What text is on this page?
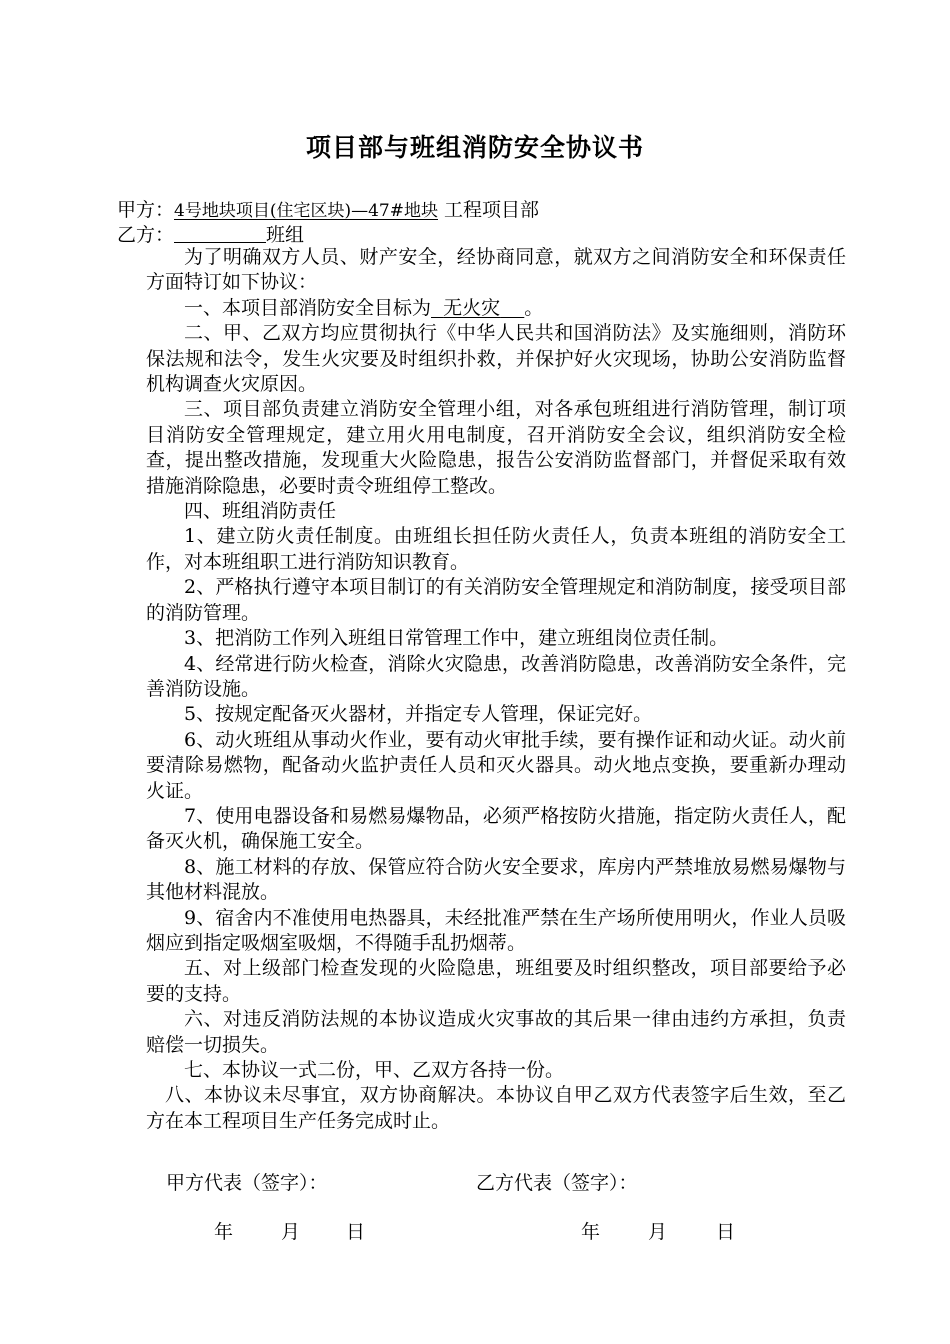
项目部与班组消防安全协议书
甲方：4号地块项目(住宅区块)—47#地块 工程项目部
乙方：	班组

为了明确双方人员、财产安全，经协商同意，就双方之间消防安全和环保责任方面特订如下协议：

一、本项目部消防安全目标为 无火灾 。

二、甲、乙双方均应贯彻执行《中华人民共和国消防法》及实施细则，消防环保法规和法令，发生火灾要及时组织扑救，并保护好火灾现场，协助公安消防监督机构调查火灾原因。

三、项目部负责建立消防安全管理小组，对各承包班组进行消防管理，制订项目消防安全管理规定，建立用火用电制度，召开消防安全会议，组织消防安全检查，提出整改措施，发现重大火险隐患，报告公安消防监督部门，并督促采取有效措施消除隐患，必要时责令班组停工整改。

四、班组消防责任

1、建立防火责任制度。由班组长担任防火责任人，负责本班组的消防安全工作，对本班组职工进行消防知识教育。

2、严格执行遵守本项目制订的有关消防安全管理规定和消防制度，接受项目部的消防管理。

3、把消防工作列入班组日常管理工作中，建立班组岗位责任制。

4、经常进行防火检查，消除火灾隐患，改善消防隐患，改善消防安全条件，完善消防设施。

5、按规定配备灭火器材，并指定专人管理，保证完好。

6、动火班组从事动火作业，要有动火审批手续，要有操作证和动火证。动火前要清除易燃物，配备动火监护责任人员和灭火器具。动火地点变换，要重新办理动火证。

7、使用电器设备和易燃易爆物品，必须严格按防火措施，指定防火责任人，配备灭火机，确保施工安全。

8、施工材料的存放、保管应符合防火安全要求，库房内严禁堆放易燃易爆物与其他材料混放。

9、宿舍内不准使用电热器具，未经批准严禁在生产场所使用明火，作业人员吸烟应到指定吸烟室吸烟，不得随手乱扔烟蒂。

五、对上级部门检查发现的火险隐患，班组要及时组织整改，项目部要给予必要的支持。

六、对违反消防法规的本协议造成火灾事故的其后果一律由违约方承担，负责赔偿一切损失。

七、本协议一式二份，甲、乙双方各持一份。

八、本协议未尽事宜，双方协商解决。本协议自甲乙双方代表签字后生效，至乙方在本工程项目生产任务完成时止。

甲方代表（签字）：	乙方代表（签字）：
年	月 日	年	月	日
